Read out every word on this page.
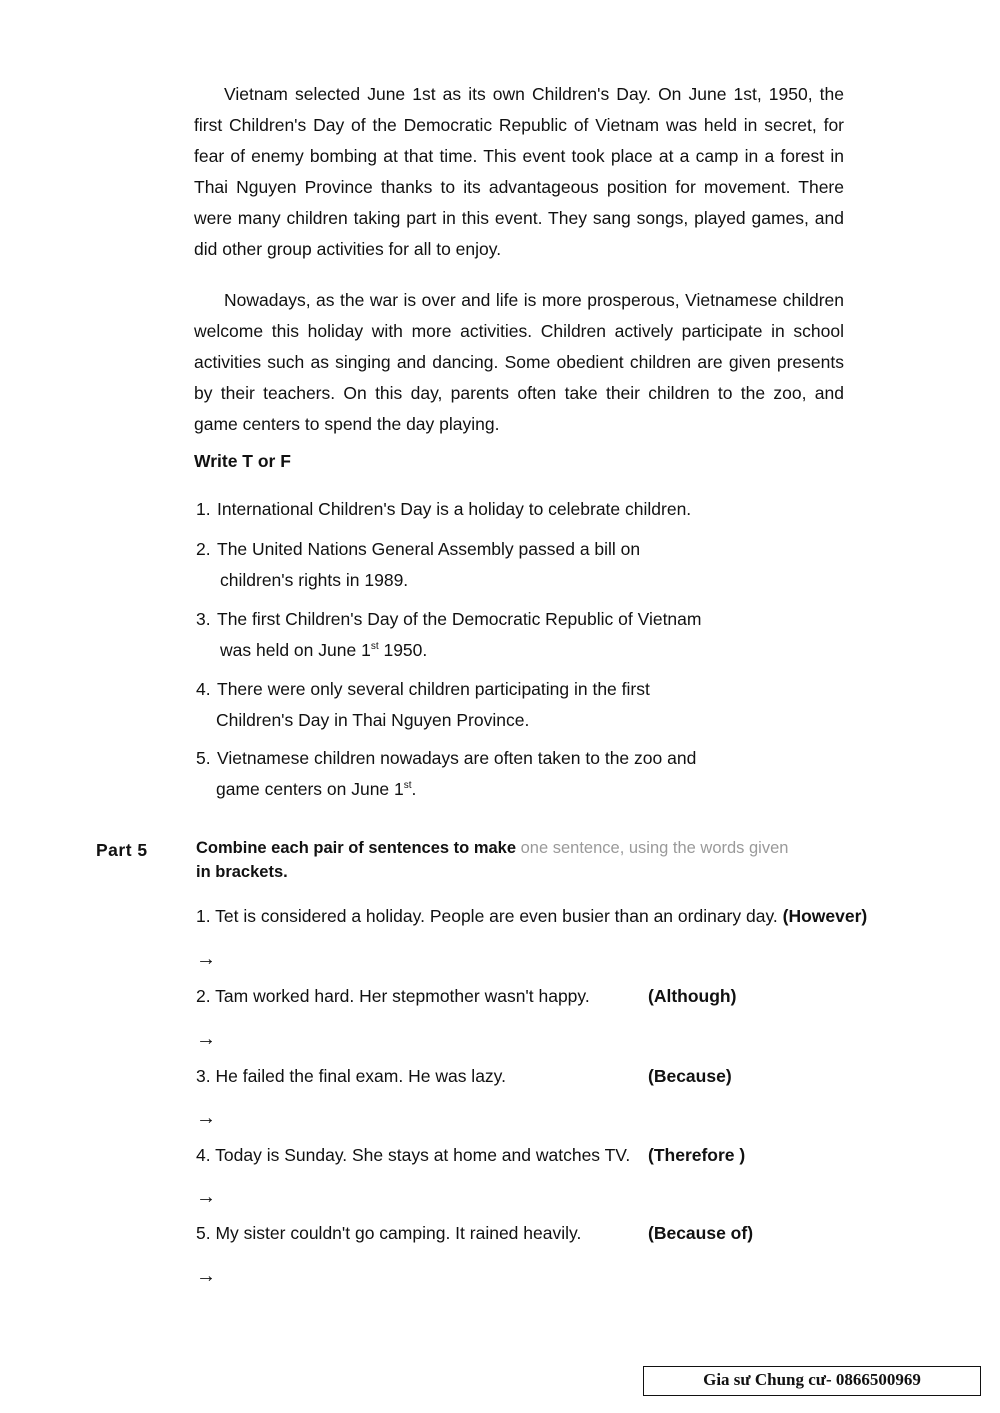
Vietnam selected June 1st as its own Children's Day. On June 1st, 1950, the first Children's Day of the Democratic Republic of Vietnam was held in secret, for fear of enemy bombing at that time. This event took place at a camp in a forest in Thai Nguyen Province thanks to its advantageous position for movement. There were many children taking part in this event. They sang songs, played games, and did other group activities for all to enjoy.

Nowadays, as the war is over and life is more prosperous, Vietnamese children welcome this holiday with more activities. Children actively participate in school activities such as singing and dancing. Some obedient children are given presents by their teachers. On this day, parents often take their children to the zoo, and game centers to spend the day playing.

Write T or F

1. International Children's Day is a holiday to celebrate children.
2. The United Nations General Assembly passed a bill on
children's rights in 1989.
3. The first Children's Day of the Democratic Republic of Vietnam
was held on June 1st 1950.
4. There were only several children participating in the first
Children's Day in Thai Nguyen Province.
5. Vietnamese children nowadays are often taken to the zoo and
game centers on June 1st.
Part 5	Combine each pair of sentences to make one sentence, using the words given
in brackets.
1. Tet is considered a holiday. People are even busier than an ordinary day. (However)
→
2. Tam worked hard. Her stepmother wasn't happy.	(Although)
→
3. He failed the final exam. He was lazy.	(Because)
→
4. Today is Sunday. She stays at home and watches TV. (Therefore )
→
5. My sister couldn't go camping. It rained heavily.	(Because of)
→
Gia sư Chung cư- 0866500969
